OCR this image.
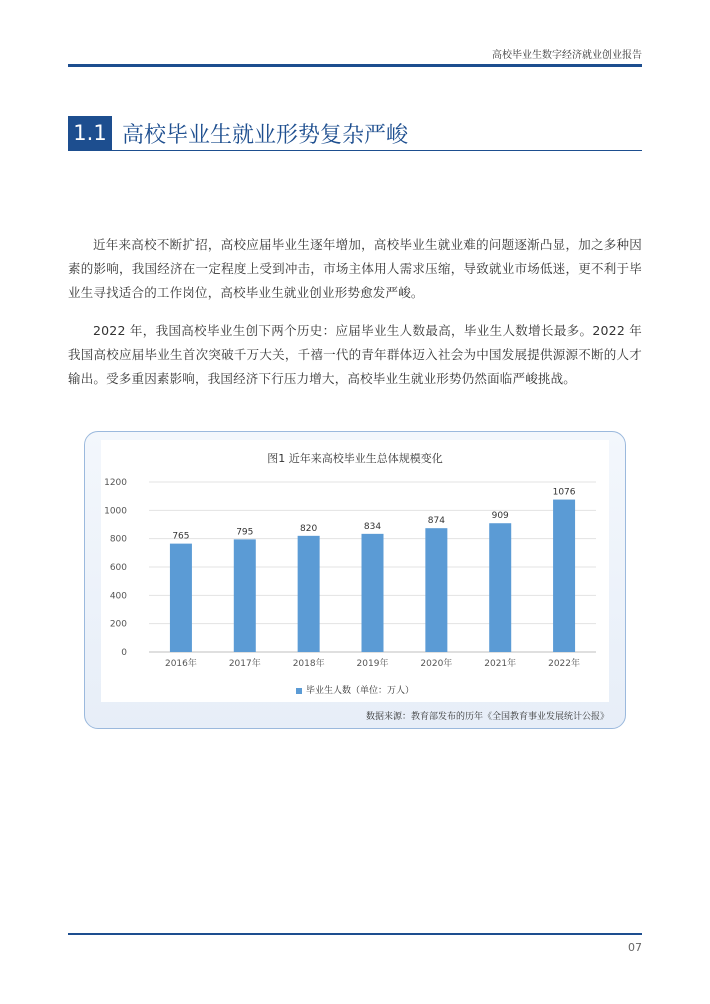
高校毕业生数字经济就业创业报告
1.1 高校毕业生就业形势复杂严峻
近年来高校不断扩招，高校应届毕业生逐年增加，高校毕业生就业难的问题逐渐凸显，加之多种因素的影响，我国经济在一定程度上受到冲击，市场主体用人需求压缩，导致就业市场低迷，更不利于毕业生寻找适合的工作岗位，高校毕业生就业创业形势愈发严峻。
2022 年，我国高校毕业生创下两个历史：应届毕业生人数最高，毕业生人数增长最多。2022 年我国高校应届毕业生首次突破千万大关，千禧一代的青年群体迈入社会为中国发展提供源源不断的人才输出。受多重因素影响，我国经济下行压力增大，高校毕业生就业形势仍然面临严峻挑战。
图1 近年来高校毕业生总体规模变化
0
200
400
600
800
1000
1200
765
2016年
795
2017年
820
2018年
834
2019年
874
2020年
909
2021年
1076
2022年
毕业生人数（单位：万人）
数据来源：教育部发布的历年《全国教育事业发展统计公报》
07
